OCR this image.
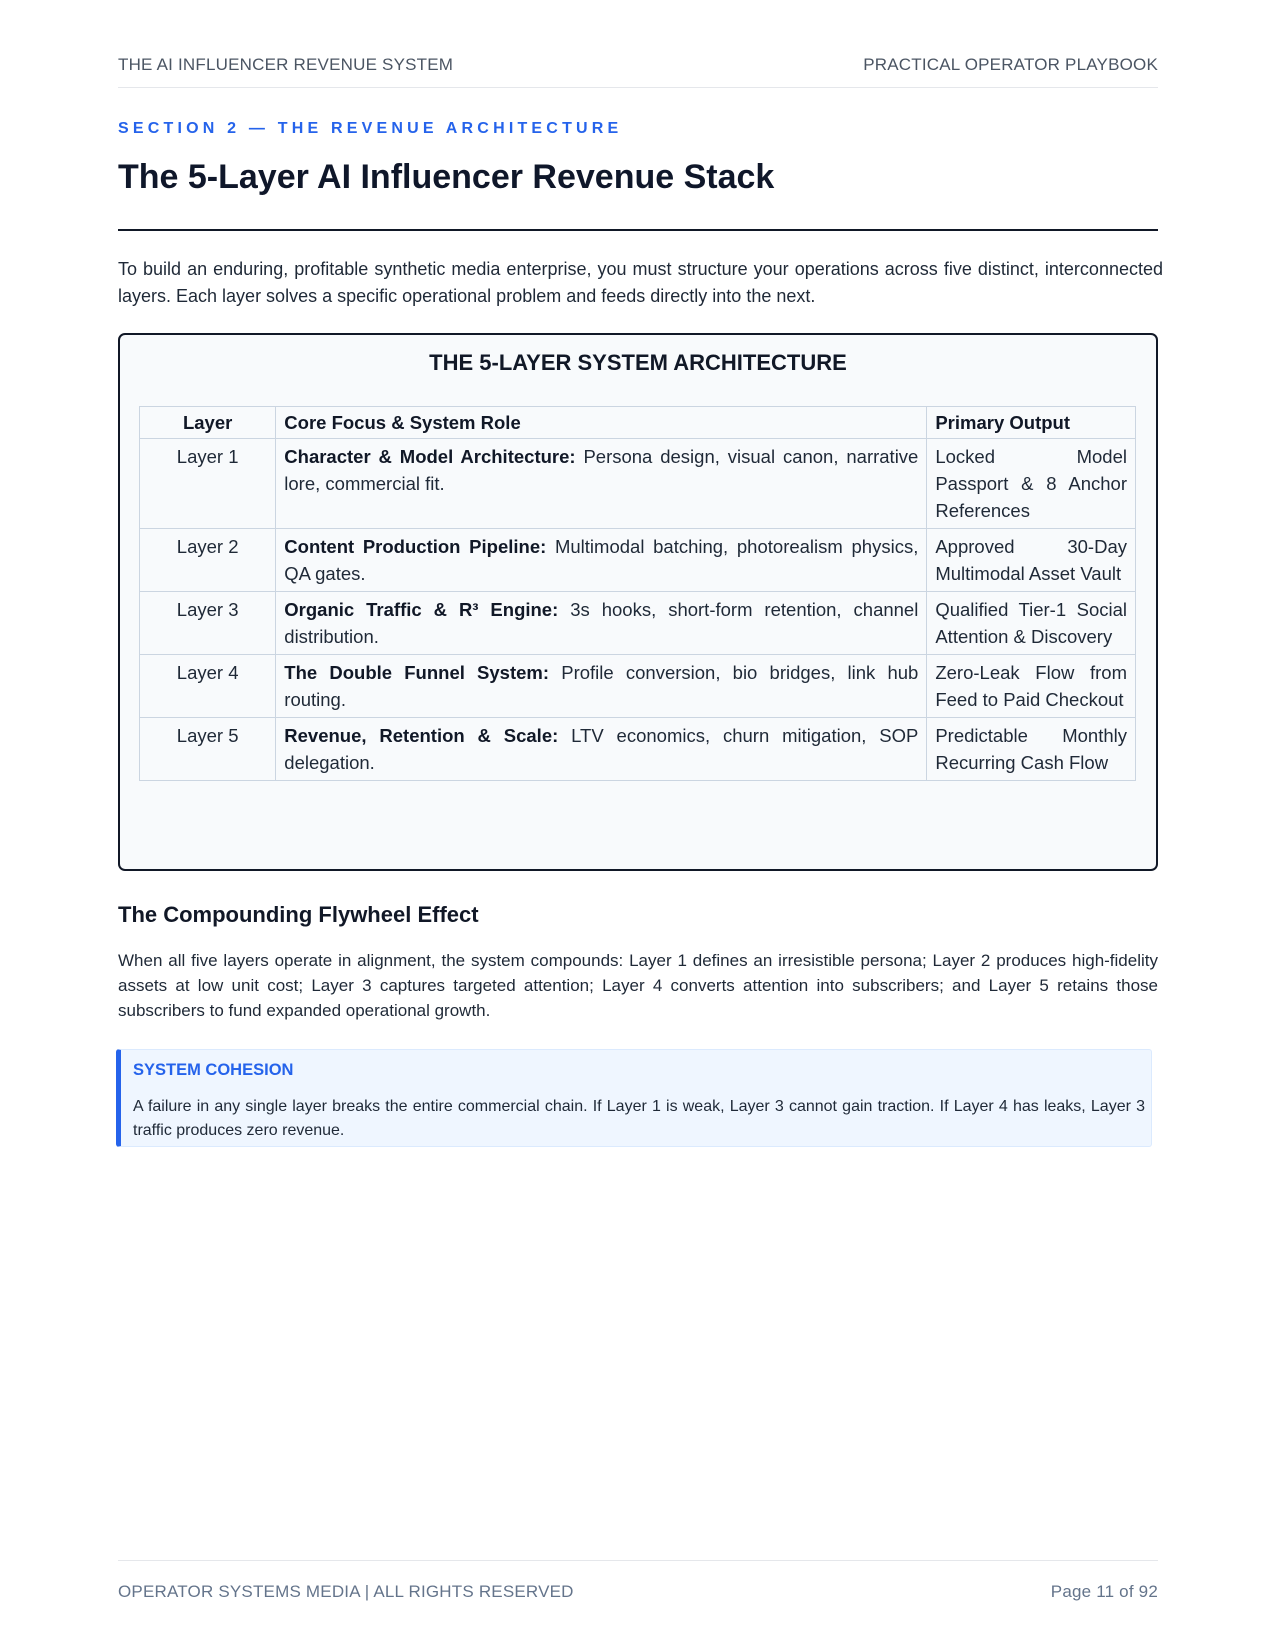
THE AI INFLUENCER REVENUE SYSTEM	PRACTICAL OPERATOR PLAYBOOK
SECTION 2 — THE REVENUE ARCHITECTURE
The 5-Layer AI Influencer Revenue Stack

To build an enduring, profitable synthetic media enterprise, you must structure your operations across five distinct, interconnected layers. Each layer solves a specific operational problem and feeds directly into the next.

THE 5-LAYER SYSTEM ARCHITECTURE
Layer	Core Focus & System Role	Primary Output
Layer 1	Character & Model Architecture: Persona design, visual canon, narrative lore, commercial fit.	Locked Model Passport & 8 Anchor References
Layer 2	Content Production Pipeline: Multimodal batching, photorealism physics, QA gates.	Approved 30-Day Multimodal Asset Vault
Layer 3	Organic Traffic & R³ Engine: 3s hooks, short-form retention, channel distribution.	Qualified Tier-1 Social Attention & Discovery
Layer 4	The Double Funnel System: Profile conversion, bio bridges, link hub routing.	Zero-Leak Flow from Feed to Paid Checkout
Layer 5	Revenue, Retention & Scale: LTV economics, churn mitigation, SOP delegation.	Predictable Monthly Recurring Cash Flow
The Compounding Flywheel Effect

When all five layers operate in alignment, the system compounds: Layer 1 defines an irresistible persona; Layer 2 produces high-fidelity assets at low unit cost; Layer 3 captures targeted attention; Layer 4 converts attention into subscribers; and Layer 5 retains those subscribers to fund expanded operational growth.

SYSTEM COHESION

A failure in any single layer breaks the entire commercial chain. If Layer 1 is weak, Layer 3 cannot gain traction. If Layer 4 has leaks, Layer 3 traffic produces zero revenue.

OPERATOR SYSTEMS MEDIA | ALL RIGHTS RESERVED	Page 11 of 92
